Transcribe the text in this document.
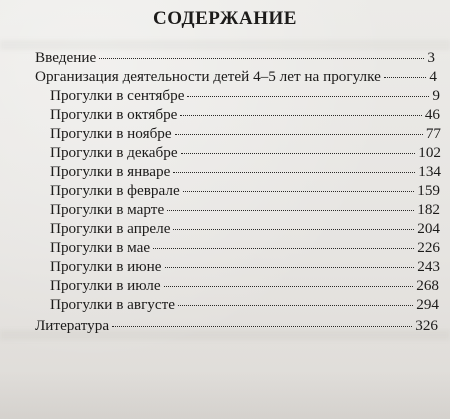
СОДЕРЖАНИЕ
Введение	3
Организация деятельности детей 4–5 лет на прогулке	4
Прогулки в сентябре	9
Прогулки в октябре	46
Прогулки в ноябре	77
Прогулки в декабре	102
Прогулки в январе	134
Прогулки в феврале	159
Прогулки в марте	182
Прогулки в апреле	204
Прогулки в мае	226
Прогулки в июне	243
Прогулки в июле	268
Прогулки в августе	294
Литература	326
